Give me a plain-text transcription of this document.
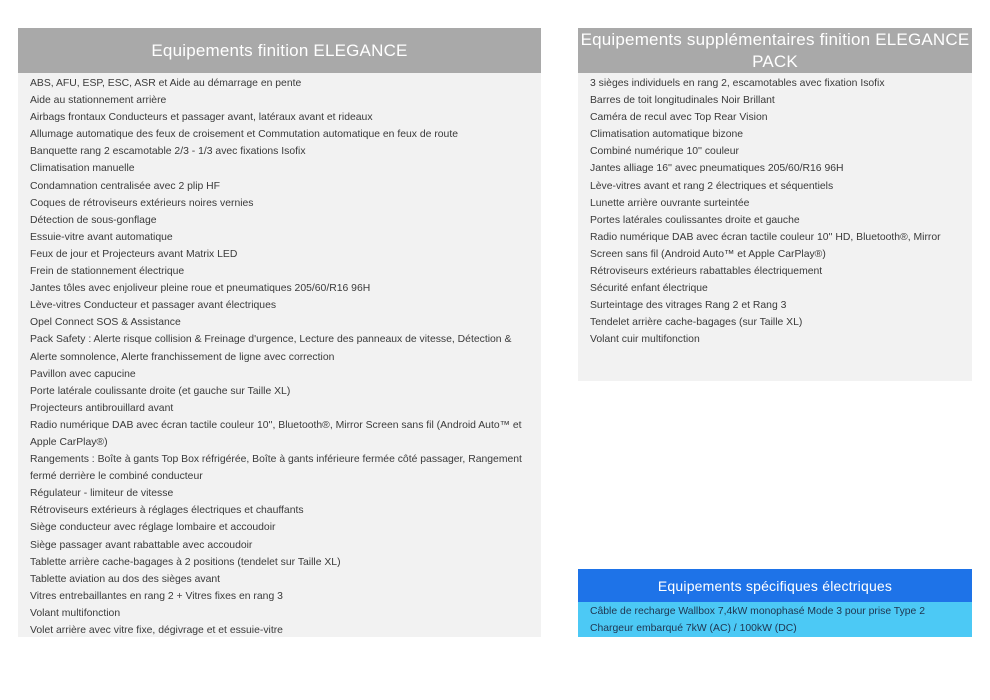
Equipements finition ELEGANCE
ABS, AFU, ESP, ESC, ASR et Aide au démarrage en pente
Aide au stationnement arrière
Airbags frontaux Conducteurs et passager avant, latéraux avant et rideaux
Allumage automatique des feux de croisement et Commutation automatique en feux de route
Banquette rang 2 escamotable 2/3 - 1/3 avec fixations Isofix
Climatisation manuelle
Condamnation centralisée avec 2 plip HF
Coques de rétroviseurs extérieurs noires vernies
Détection de sous-gonflage
Essuie-vitre avant automatique
Feux de jour et Projecteurs avant Matrix LED
Frein de stationnement électrique
Jantes tôles avec enjoliveur pleine roue et pneumatiques 205/60/R16 96H
Lève-vitres Conducteur et passager avant électriques
Opel Connect SOS & Assistance
Pack Safety : Alerte risque collision & Freinage d'urgence, Lecture des panneaux de vitesse, Détection & Alerte somnolence, Alerte franchissement de ligne avec correction
Pavillon avec capucine
Porte latérale coulissante droite (et gauche sur Taille XL)
Projecteurs antibrouillard avant
Radio numérique DAB avec écran tactile couleur 10'', Bluetooth®, Mirror Screen sans fil (Android Auto™ et Apple CarPlay®)
Rangements : Boîte à gants Top Box réfrigérée, Boîte à gants inférieure fermée côté passager, Rangement fermé derrière le combiné conducteur
Régulateur - limiteur de vitesse
Rétroviseurs extérieurs à réglages électriques et chauffants
Siège conducteur avec réglage lombaire et accoudoir
Siège passager avant rabattable avec accoudoir
Tablette arrière cache-bagages à 2 positions (tendelet sur Taille XL)
Tablette aviation au dos des sièges avant
Vitres entrebaillantes en rang 2 + Vitres fixes en rang 3
Volant multifonction
Volet arrière avec vitre fixe, dégivrage et et essuie-vitre
Equipements supplémentaires finition ELEGANCE PACK
3 sièges individuels en rang 2, escamotables avec fixation Isofix
Barres de toit longitudinales Noir Brillant
Caméra de recul avec Top Rear Vision
Climatisation automatique bizone
Combiné numérique 10'' couleur
Jantes alliage 16'' avec pneumatiques 205/60/R16 96H
Lève-vitres avant et rang 2 électriques et séquentiels
Lunette arrière ouvrante surteintée
Portes latérales coulissantes droite et gauche
Radio numérique DAB avec écran tactile couleur 10'' HD, Bluetooth®, Mirror Screen sans fil (Android Auto™ et Apple CarPlay®)
Rétroviseurs extérieurs rabattables électriquement
Sécurité enfant électrique
Surteintage des vitrages Rang 2 et Rang 3
Tendelet arrière cache-bagages (sur Taille XL)
Volant cuir multifonction
Equipements spécifiques électriques
Câble de recharge Wallbox 7,4kW monophasé Mode 3 pour prise Type 2
Chargeur embarqué 7kW (AC) / 100kW (DC)
